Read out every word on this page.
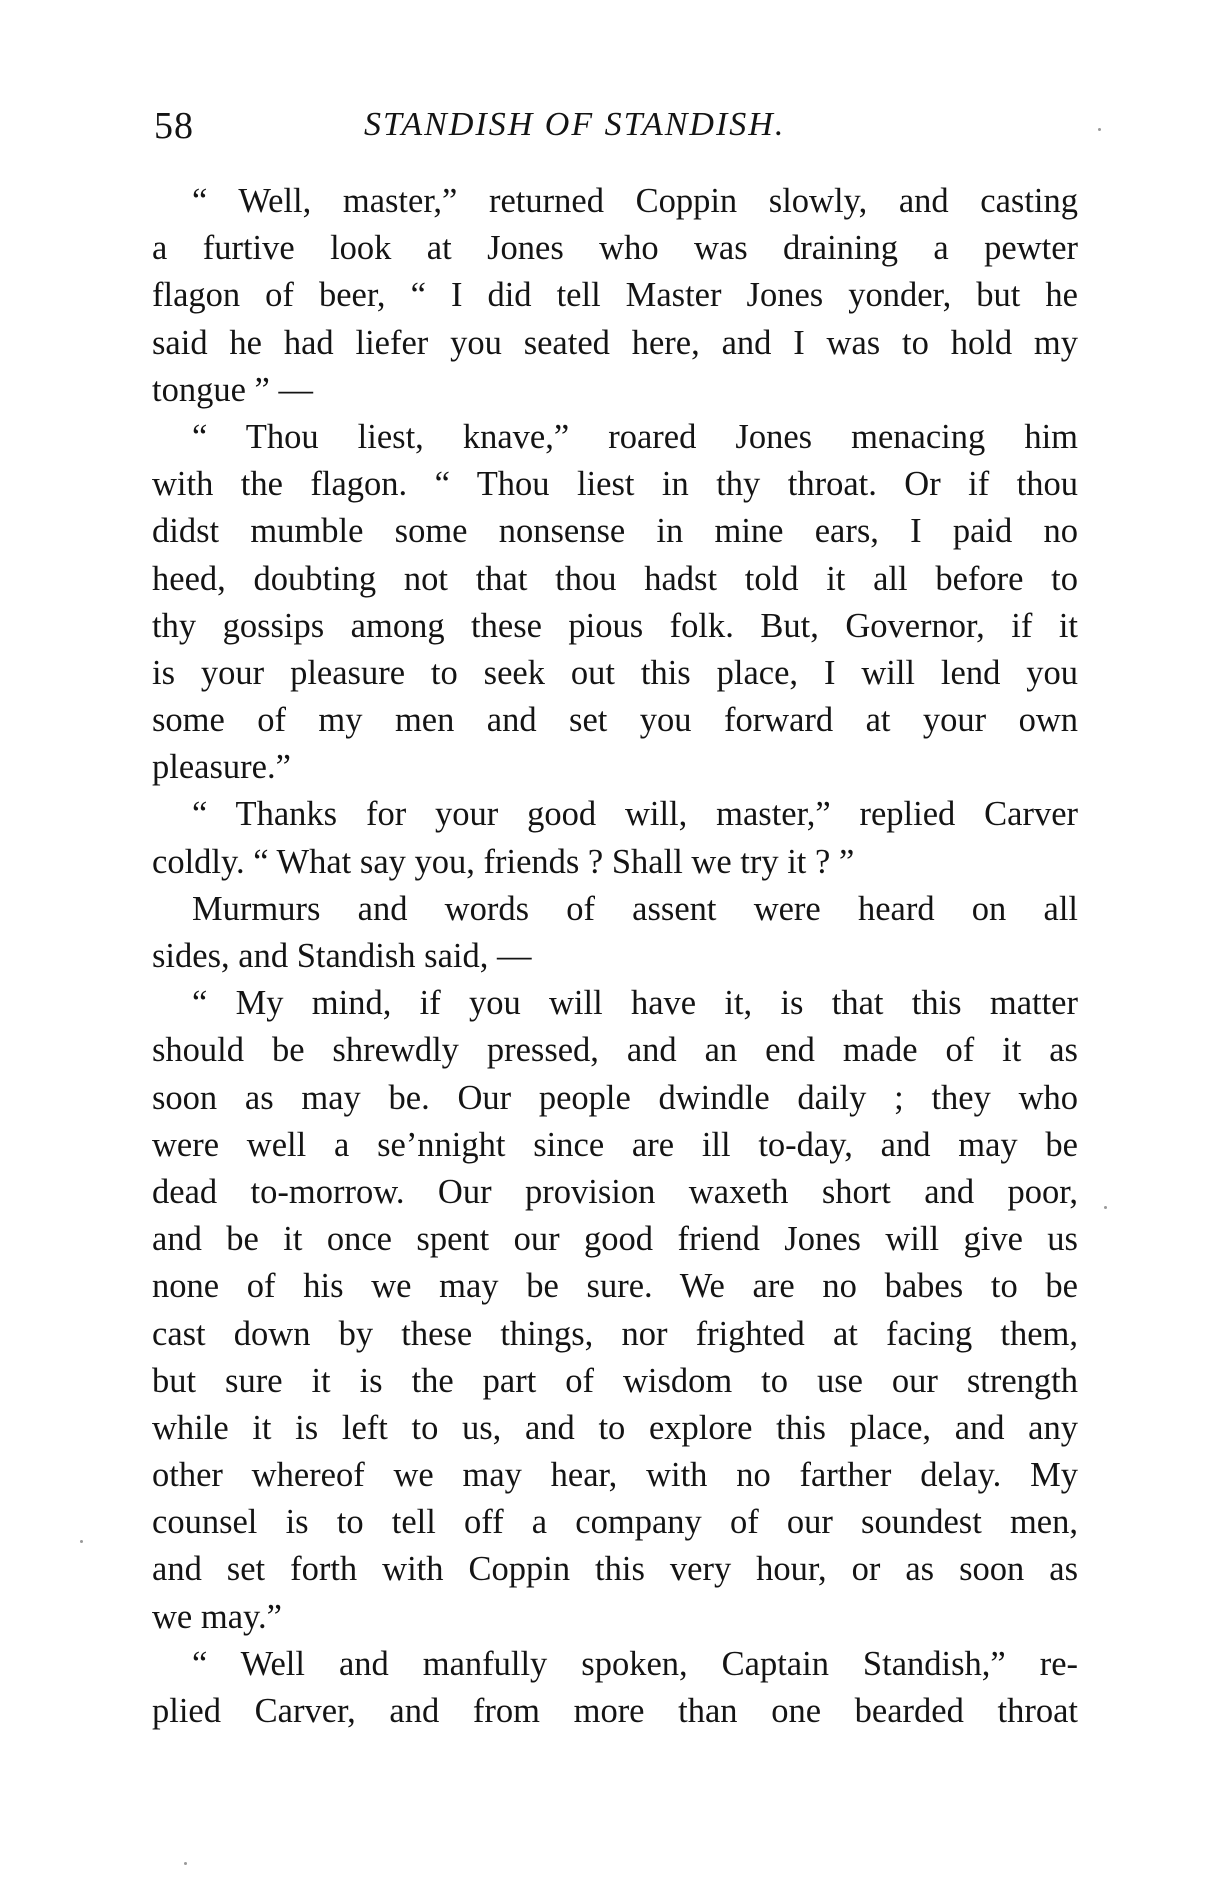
58	STANDISH OF STANDISH.
“ Well, master,” returned Coppin slowly, and casting
a furtive look at Jones who was draining a pewter
flagon of beer, “ I did tell Master Jones yonder, but he
said he had liefer you seated here, and I was to hold my
tongue ” —
“ Thou liest, knave,” roared Jones menacing him
with the flagon. “ Thou liest in thy throat. Or if thou
didst mumble some nonsense in mine ears, I paid no
heed, doubting not that thou hadst told it all before to
thy gossips among these pious folk. But, Governor, if it
is your pleasure to seek out this place, I will lend you
some of my men and set you forward at your own
pleasure.”
“ Thanks for your good will, master,” replied Carver
coldly. “ What say you, friends ? Shall we try it ? ”
Murmurs and words of assent were heard on all
sides, and Standish said, —
“ My mind, if you will have it, is that this matter
should be shrewdly pressed, and an end made of it as
soon as may be. Our people dwindle daily ; they who
were well a se’nnight since are ill to-day, and may be
dead to-morrow. Our provision waxeth short and poor,
and be it once spent our good friend Jones will give us
none of his we may be sure. We are no babes to be
cast down by these things, nor frighted at facing them,
but sure it is the part of wisdom to use our strength
while it is left to us, and to explore this place, and any
other whereof we may hear, with no farther delay. My
counsel is to tell off a company of our soundest men,
and set forth with Coppin this very hour, or as soon as
we may.”
“ Well and manfully spoken, Captain Standish,” re-
plied Carver, and from more than one bearded throat
